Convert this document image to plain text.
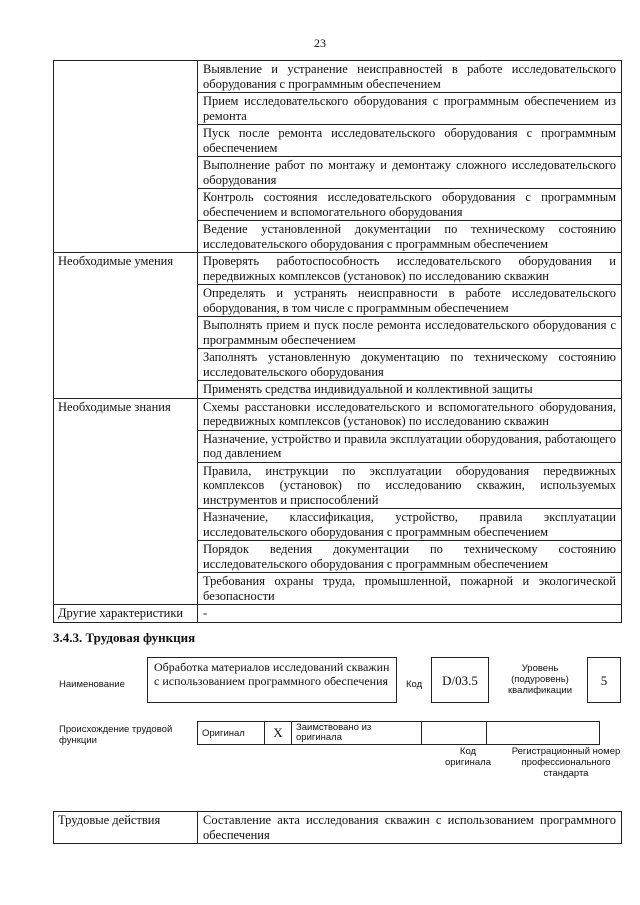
23
	Выявление и устранение неисправностей в работе исследовательского оборудования с программным обеспечением
	Прием исследовательского оборудования с программным обеспечением из ремонта
	Пуск после ремонта исследовательского оборудования с программным обеспечением
	Выполнение работ по монтажу и демонтажу сложного исследовательского оборудования
	Контроль состояния исследовательского оборудования с программным обеспечением и вспомогательного оборудования
	Ведение установленной документации по техническому состоянию исследовательского оборудования с программным обеспечением
Необходимые умения	Проверять работоспособность исследовательского оборудования и передвижных комплексов (установок) по исследованию скважин
	Определять и устранять неисправности в работе исследовательского оборудования, в том числе с программным обеспечением
	Выполнять прием и пуск после ремонта исследовательского оборудования с программным обеспечением
	Заполнять установленную документацию по техническому состоянию исследовательского оборудования
	Применять средства индивидуальной и коллективной защиты
Необходимые знания	Схемы расстановки исследовательского и вспомогательного оборудования, передвижных комплексов (установок) по исследованию скважин
	Назначение, устройство и правила эксплуатации оборудования, работающего под давлением
	Правила, инструкции по эксплуатации оборудования передвижных комплексов (установок) по исследованию скважин, используемых инструментов и приспособлений
	Назначение, классификация, устройство, правила эксплуатации исследовательского оборудования с программным обеспечением
	Порядок ведения документации по техническому состоянию исследовательского оборудования с программным обеспечением
	Требования охраны труда, промышленной, пожарной и экологической безопасности
Другие характеристики	-
3.4.3. Трудовая функция
Наименование
Обработка материалов исследований скважин с использованием программного обеспечения	Код	D/03.5
Уровень (подуровень) квалификации
5
Происхождение трудовой функции
Оригинал	X	Заимствовано из оригинала		
Код оригинала
Регистрационный номер профессионального стандарта
Трудовые действия	Составление акта исследования скважин с использованием программного обеспечения
